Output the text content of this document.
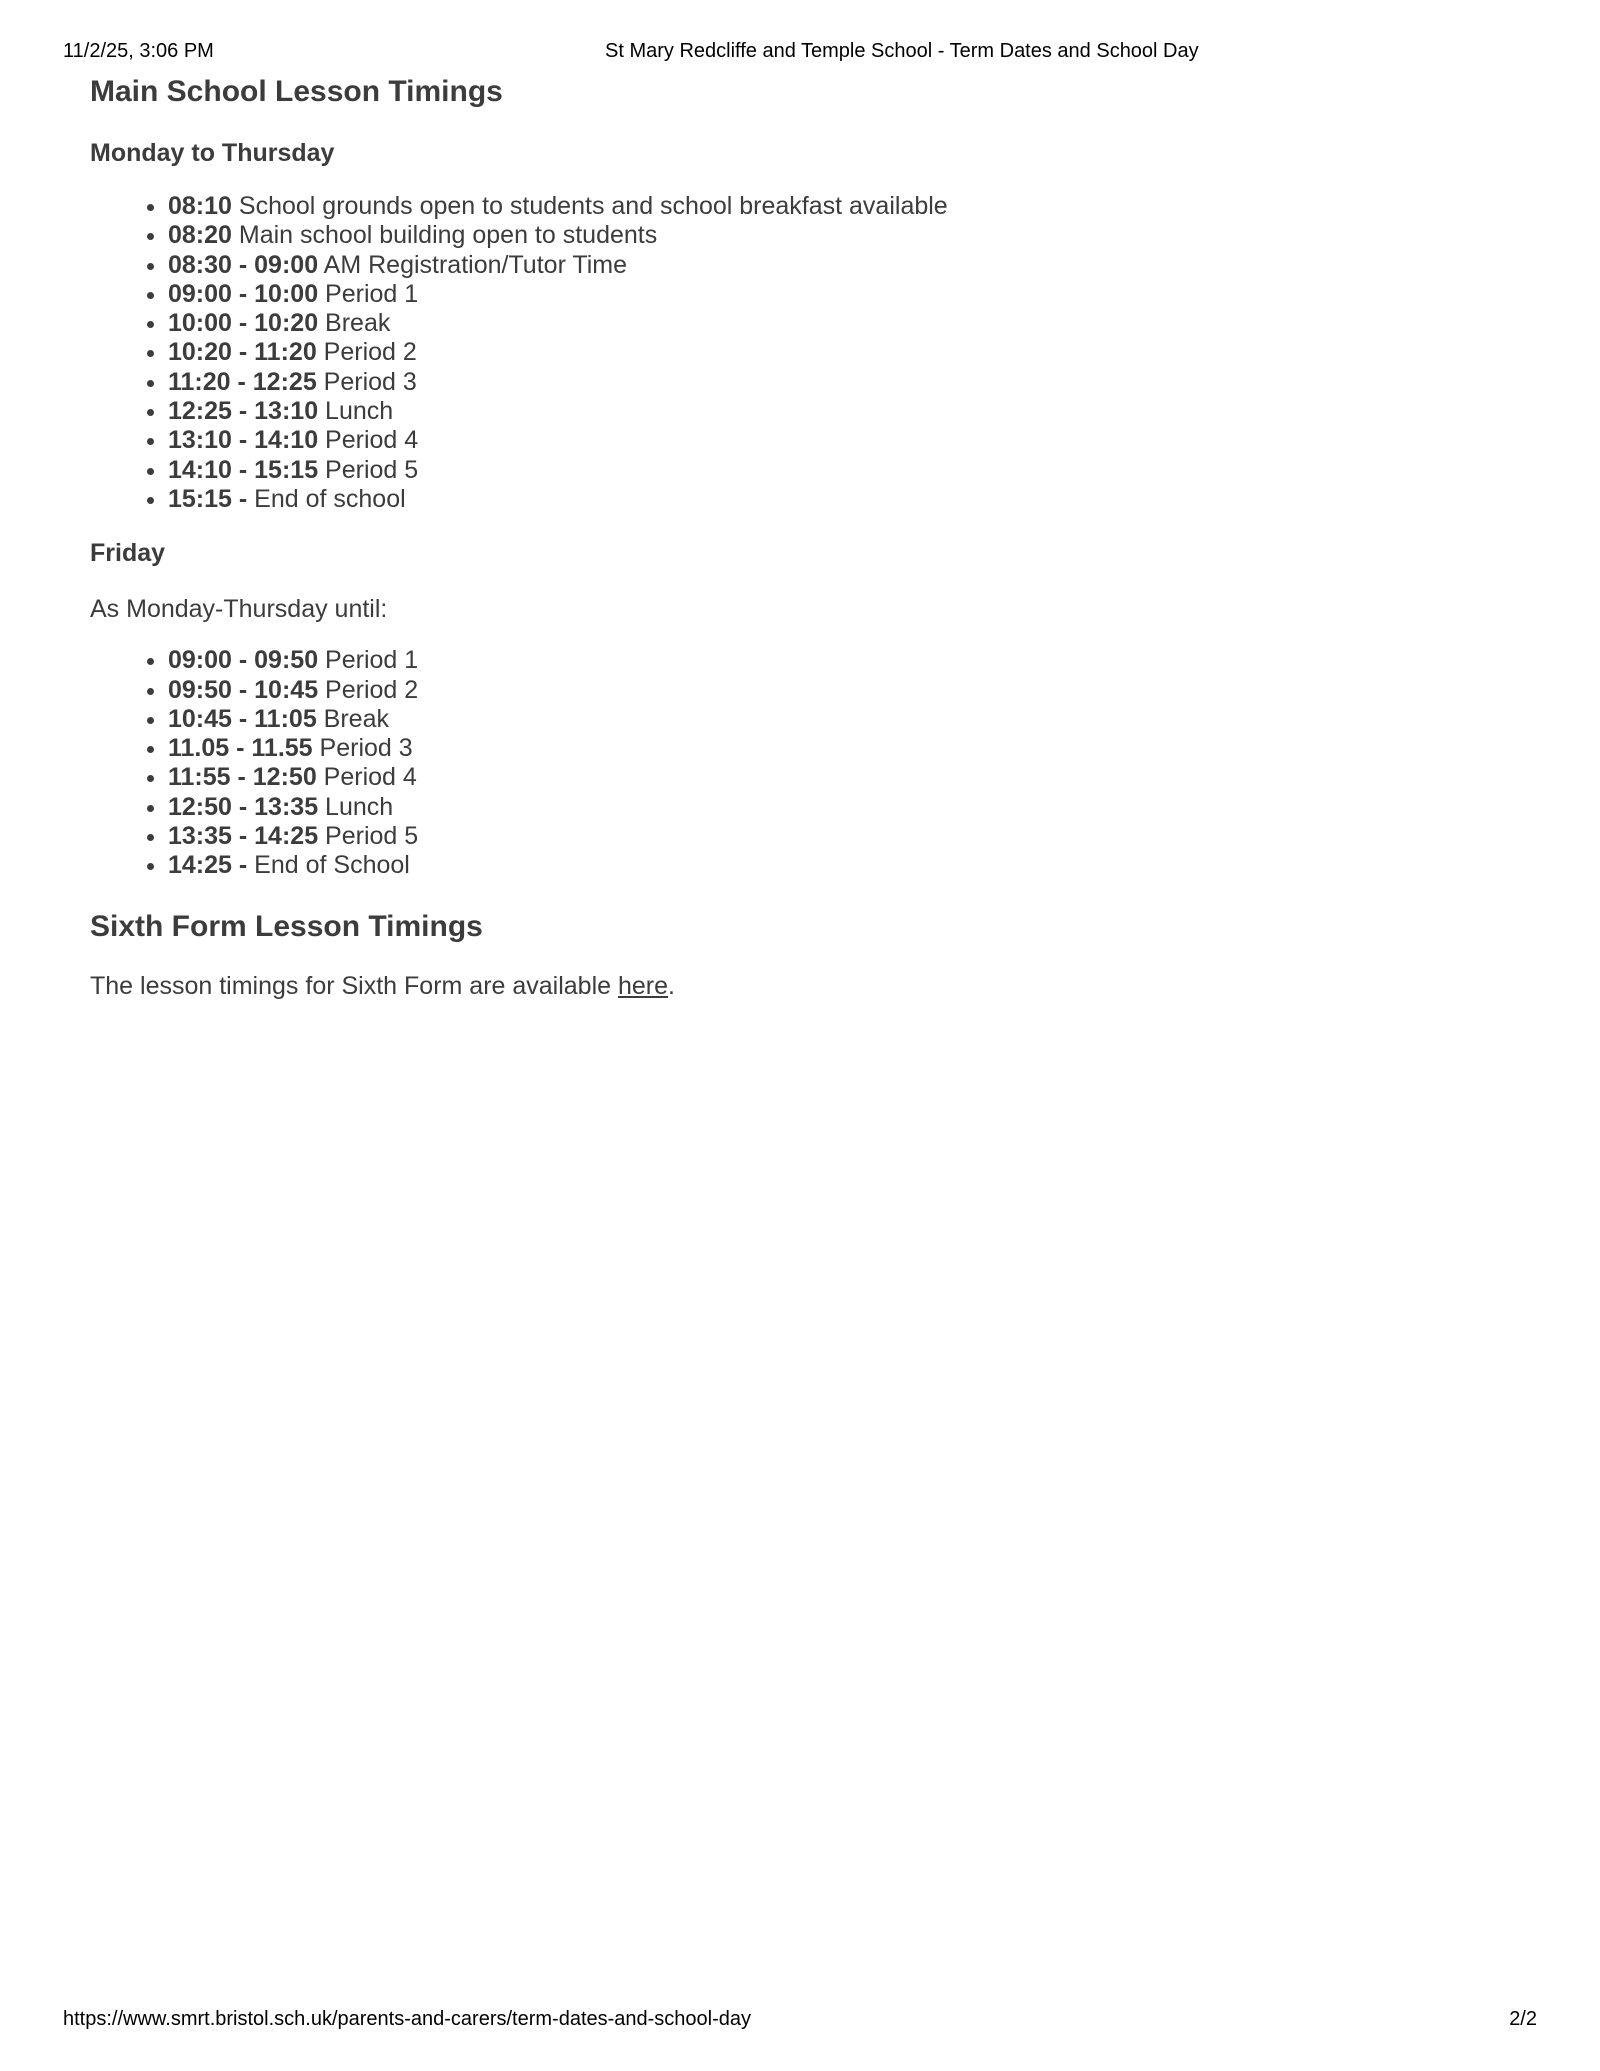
11/2/25, 3:06 PM	St Mary Redcliffe and Temple School - Term Dates and School Day
Main School Lesson Timings
Monday to Thursday
• 08:10 School grounds open to students and school breakfast available
• 08:20 Main school building open to students
• 08:30 - 09:00 AM Registration/Tutor Time
• 09:00 - 10:00 Period 1
• 10:00 - 10:20 Break
• 10:20 - 11:20 Period 2
• 11:20 - 12:25 Period 3
• 12:25 - 13:10 Lunch
• 13:10 - 14:10 Period 4
• 14:10 - 15:15 Period 5
• 15:15 - End of school
Friday

As Monday-Thursday until:

• 09:00 - 09:50 Period 1
• 09:50 - 10:45 Period 2
• 10:45 - 11:05 Break
• 11.05 - 11.55 Period 3
• 11:55 - 12:50 Period 4
• 12:50 - 13:35 Lunch
• 13:35 - 14:25 Period 5
• 14:25 - End of School
Sixth Form Lesson Timings

The lesson timings for Sixth Form are available here.

https://www.smrt.bristol.sch.uk/parents-and-carers/term-dates-and-school-day	2/2
